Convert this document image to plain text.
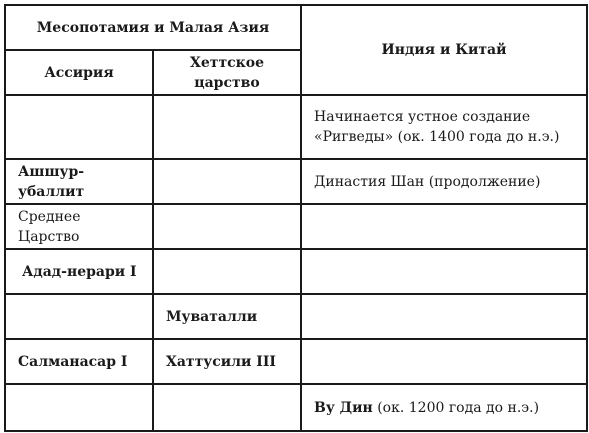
Месопотамия и Малая Азия		Индия и Китай
Ассирия	Хеттское царство	

		Начинается устное создание
«Ригведы» (ок. 1400 года до н.э.)

Ашшур-убаллит		Династия Шан (продолжение)
Среднее Царство		
Адад-нерари I		
	Муваталли	
Салманасар I	Хаттусили III	
		Ву Дин (ок. 1200 года до н.э.)
